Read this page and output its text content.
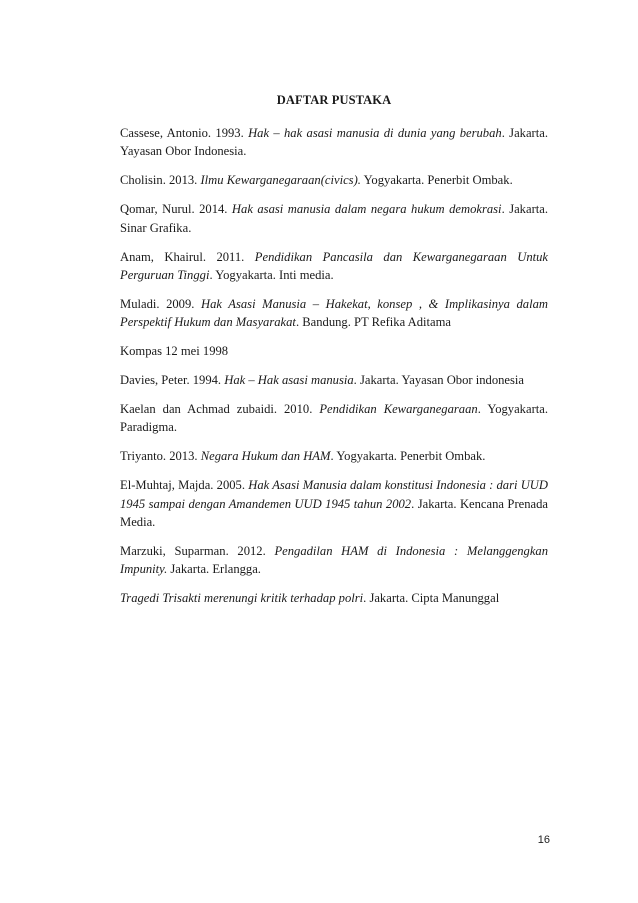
DAFTAR PUSTAKA
Cassese, Antonio. 1993. Hak – hak asasi manusia di dunia yang berubah. Jakarta. Yayasan Obor Indonesia.
Cholisin. 2013. Ilmu Kewarganegaraan(civics). Yogyakarta. Penerbit Ombak.
Qomar, Nurul. 2014. Hak asasi manusia dalam negara hukum demokrasi. Jakarta. Sinar Grafika.
Anam, Khairul. 2011. Pendidikan Pancasila dan Kewarganegaraan Untuk Perguruan Tinggi. Yogyakarta. Inti media.
Muladi. 2009. Hak Asasi Manusia – Hakekat, konsep , & Implikasinya dalam Perspektif Hukum dan Masyarakat. Bandung. PT Refika Aditama
Kompas 12 mei 1998
Davies, Peter. 1994. Hak – Hak asasi manusia. Jakarta. Yayasan Obor indonesia
Kaelan dan Achmad zubaidi. 2010. Pendidikan Kewarganegaraan. Yogyakarta. Paradigma.
Triyanto. 2013. Negara Hukum dan HAM. Yogyakarta. Penerbit Ombak.
El-Muhtaj, Majda. 2005. Hak Asasi Manusia dalam konstitusi Indonesia : dari UUD 1945 sampai dengan Amandemen UUD 1945 tahun 2002. Jakarta. Kencana Prenada Media.
Marzuki, Suparman. 2012. Pengadilan HAM di Indonesia : Melanggengkan Impunity. Jakarta. Erlangga.
Tragedi Trisakti merenungi kritik terhadap polri. Jakarta. Cipta Manunggal
16
